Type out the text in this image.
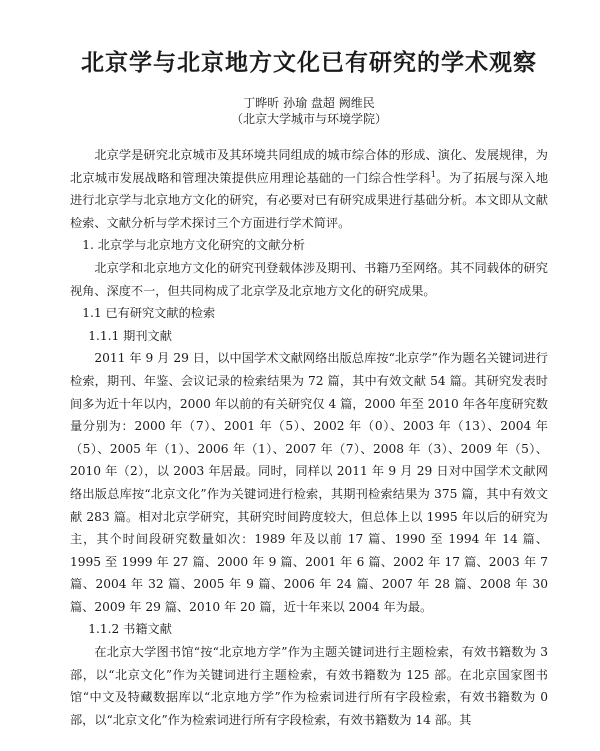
北京学与北京地方文化已有研究的学术观察
丁晔昕 孙瑜 盘超 阙维民
（北京大学城市与环境学院）

北京学是研究北京城市及其环境共同组成的城市综合体的形成、演化、发展规律，为北京城市发展战略和管理决策提供应用理论基础的一门综合性学科$^1$。为了拓展与深入地进行北京学与北京地方文化的研究，有必要对已有研究成果进行基础分析。本文即从文献检索、文献分析与学术探讨三个方面进行学术简评。

1. 北京学与北京地方文化研究的文献分析

北京学和北京地方文化的研究刊登载体涉及期刊、书籍乃至网络。其不同载体的研究视角、深度不一，但共同构成了北京学及北京地方文化的研究成果。

1.1 已有研究文献的检索

1.1.1 期刊文献

2011 年 9 月 29 日，以中国学术文献网络出版总库按“北京学”作为题名关键词进行检索，期刊、年鉴、会议记录的检索结果为 72 篇，其中有效文献 54 篇。其研究发表时间多为近十年以内，2000 年以前的有关研究仅 4 篇，2000 年至 2010 年各年度研究数量分别为：2000 年（7）、2001 年（5）、2002 年（0）、2003 年（13）、2004 年（5）、2005 年（1）、2006 年（1）、2007 年（7）、2008 年（3）、2009 年（5）、2010 年（2），以 2003 年居最。同时，同样以 2011 年 9 月 29 日对中国学术文献网络出版总库按“北京文化”作为关键词进行检索，其期刊检索结果为 375 篇，其中有效文献 283 篇。相对北京学研究，其研究时间跨度较大，但总体上以 1995 年以后的研究为主，其个时间段研究数量如次：1989 年及以前 17 篇、1990 至 1994 年 14 篇、1995 至 1999 年 27 篇、2000 年 9 篇、2001 年 6 篇、2002 年 17 篇、2003 年 7 篇、2004 年 32 篇、2005 年 9 篇、2006 年 24 篇、2007 年 28 篇、2008 年 30 篇、2009 年 29 篇、2010 年 20 篇，近十年来以 2004 年为最。

1.1.2 书籍文献

在北京大学图书馆“按“北京地方学”作为主题关键词进行主题检索，有效书籍数为 3 部，以“北京文化”作为关键词进行主题检索，有效书籍数为 125 部。在北京国家图书馆“中文及特藏数据库以“北京地方学”作为检索词进行所有字段检索，有效书籍数为 0 部，以“北京文化”作为检索词进行所有字段检索，有效书籍数为 14 部。其
